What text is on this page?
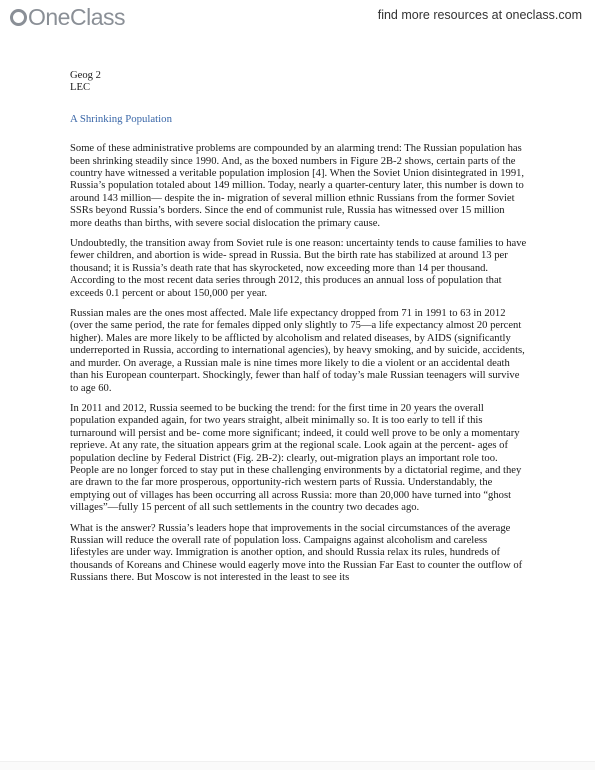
OneClass	find more resources at oneclass.com
Geog 2
LEC
A Shrinking Population

Some of these administrative problems are compounded by an alarming trend: The Russian population has been shrinking steadily since 1990. And, as the boxed numbers in Figure 2B-2 shows, certain parts of the country have witnessed a veritable population implosion [4]. When the Soviet Union disintegrated in 1991, Russia’s population totaled about 149 million. Today, nearly a quarter-century later, this number is down to around 143 million— despite the in- migration of several million ethnic Russians from the former Soviet SSRs beyond Russia’s borders. Since the end of communist rule, Russia has witnessed over 15 million more deaths than births, with severe social dislocation the primary cause.

Undoubtedly, the transition away from Soviet rule is one reason: uncertainty tends to cause families to have fewer children, and abortion is wide- spread in Russia. But the birth rate has stabilized at around 13 per thousand; it is Russia’s death rate that has skyrocketed, now exceeding more than 14 per thousand. According to the most recent data series through 2012, this produces an annual loss of population that exceeds 0.1 percent or about 150,000 per year.

Russian males are the ones most affected. Male life expectancy dropped from 71 in 1991 to 63 in 2012 (over the same period, the rate for females dipped only slightly to 75—a life expectancy almost 20 percent higher). Males are more likely to be afflicted by alcoholism and related diseases, by AIDS (significantly underreported in Russia, according to international agencies), by heavy smoking, and by suicide, accidents, and murder. On average, a Russian male is nine times more likely to die a violent or an accidental death than his European counterpart. Shockingly, fewer than half of today’s male Russian teenagers will survive to age 60.

In 2011 and 2012, Russia seemed to be bucking the trend: for the first time in 20 years the overall population expanded again, for two years straight, albeit minimally so. It is too early to tell if this turnaround will persist and be- come more significant; indeed, it could well prove to be only a momentary reprieve. At any rate, the situation appears grim at the regional scale. Look again at the percent- ages of population decline by Federal District (Fig. 2B-2): clearly, out-migration plays an important role too. People are no longer forced to stay put in these challenging environments by a dictatorial regime, and they are drawn to the far more prosperous, opportunity-rich western parts of Russia. Understandably, the emptying out of villages has been occurring all across Russia: more than 20,000 have turned into “ghost villages”—fully 15 percent of all such settlements in the country two decades ago.

What is the answer? Russia’s leaders hope that improvements in the social circumstances of the average Russian will reduce the overall rate of population loss. Campaigns against alcoholism and careless lifestyles are under way. Immigration is another option, and should Russia relax its rules, hundreds of thousands of Koreans and Chinese would eagerly move into the Russian Far East to counter the outflow of Russians there. But Moscow is not interested in the least to see its
